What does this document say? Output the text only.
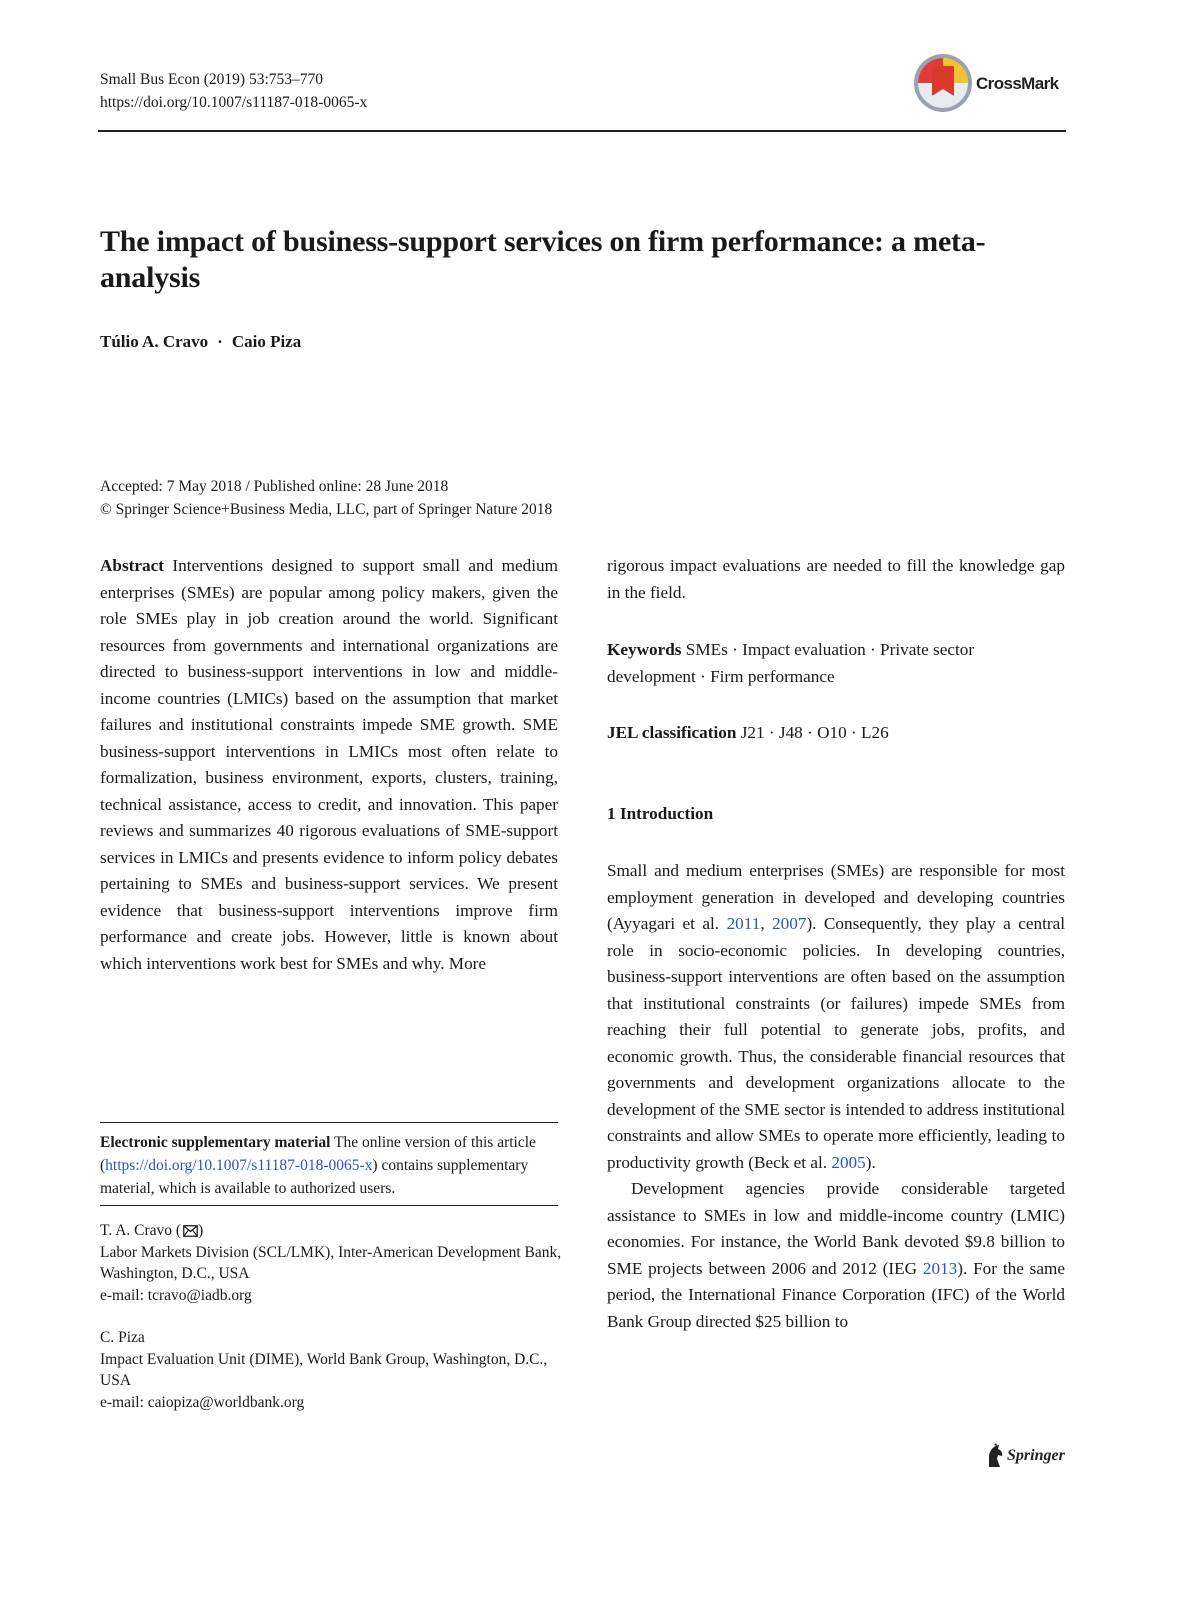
Small Bus Econ (2019) 53:753–770
https://doi.org/10.1007/s11187-018-0065-x
CrossMark
The impact of business-support services on firm performance: a meta-analysis
Túlio A. Cravo · Caio Piza
Accepted: 7 May 2018 / Published online: 28 June 2018
© Springer Science+Business Media, LLC, part of Springer Nature 2018
Abstract Interventions designed to support small and medium enterprises (SMEs) are popular among policy makers, given the role SMEs play in job creation around the world. Significant resources from governments and international organizations are directed to business-support interventions in low and middle-income countries (LMICs) based on the assumption that market failures and institutional constraints impede SME growth. SME business-support interventions in LMICs most often relate to formalization, business environment, exports, clusters, training, technical assistance, access to credit, and innovation. This paper reviews and summarizes 40 rigorous evaluations of SME-support services in LMICs and presents evidence to inform policy debates pertaining to SMEs and business-support services. We present evidence that business-support interventions improve firm performance and create jobs. However, little is known about which interventions work best for SMEs and why. More
rigorous impact evaluations are needed to fill the knowledge gap in the field.
Keywords SMEs · Impact evaluation · Private sector development · Firm performance
JEL classification J21 · J48 · O10 · L26
1 Introduction

Small and medium enterprises (SMEs) are responsible for most employment generation in developed and developing countries (Ayyagari et al. 2011, 2007). Consequently, they play a central role in socio-economic policies. In developing countries, business-support interventions are often based on the assumption that institutional constraints (or failures) impede SMEs from reaching their full potential to generate jobs, profits, and economic growth. Thus, the considerable financial resources that governments and development organizations allocate to the development of the SME sector is intended to address institutional constraints and allow SMEs to operate more efficiently, leading to productivity growth (Beck et al. 2005).

Development agencies provide considerable targeted assistance to SMEs in low and middle-income country (LMIC) economies. For instance, the World Bank devoted $9.8 billion to SME projects between 2006 and 2012 (IEG 2013). For the same period, the International Finance Corporation (IFC) of the World Bank Group directed $25 billion to

Electronic supplementary material The online version of this article (https://doi.org/10.1007/s11187-018-0065-x) contains supplementary material, which is available to authorized users.
T. A. Cravo ( )
Labor Markets Division (SCL/LMK), Inter-American Development Bank, Washington, D.C., USA
e-mail: tcravo@iadb.org
C. Piza
Impact Evaluation Unit (DIME), World Bank Group, Washington, D.C., USA
e-mail: caiopiza@worldbank.org
Springer
